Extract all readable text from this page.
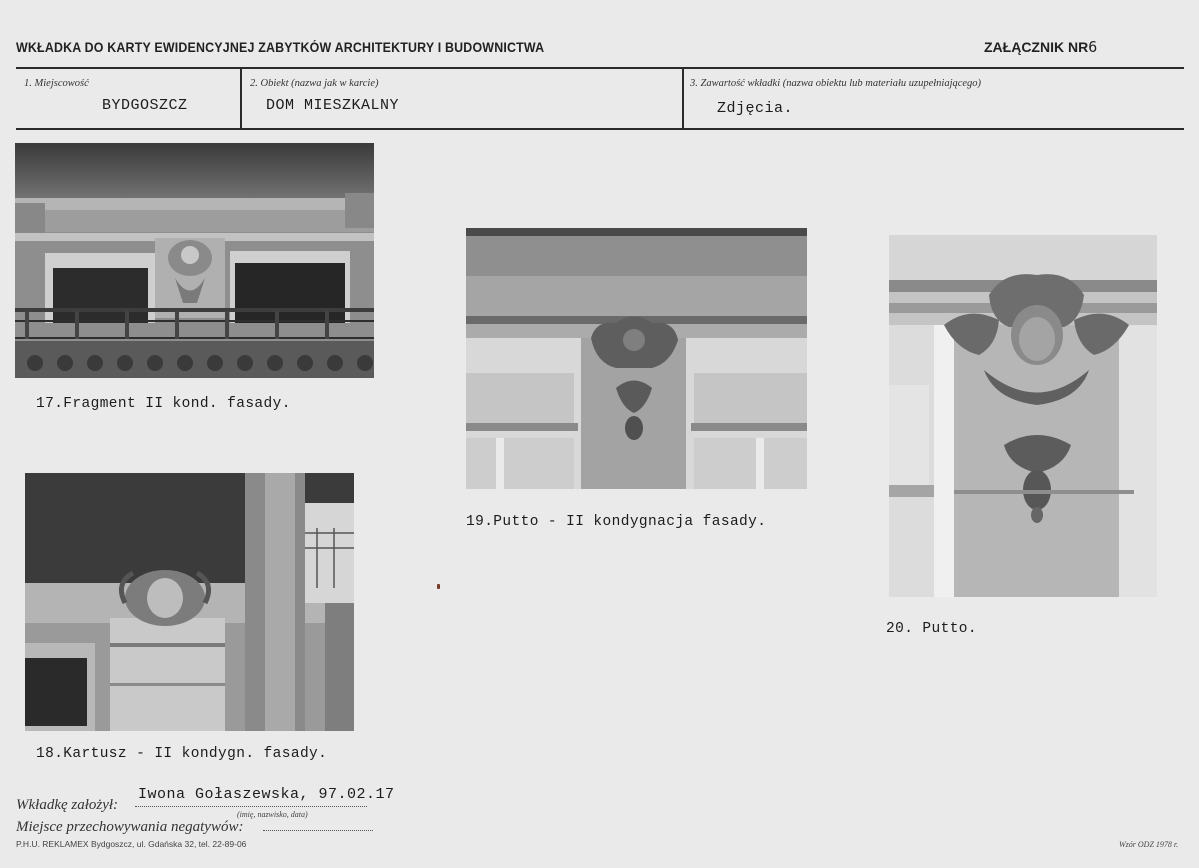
WKŁADKA DO KARTY EWIDENCYJNEJ ZABYTKÓW ARCHITEKTURY I BUDOWNICTWA	ZAŁĄCZNIK NR6
1. Miejscowość
BYDGOSZCZ
2. Obiekt (nazwa jak w karcie)
DOM MIESZKALNY
3. Zawartość wkładki (nazwa obiektu lub materiału uzupełniającego)
Zdjęcia.
17.Fragment II kond. fasady.
18.Kartusz - II kondygn. fasady.
19.Putto - II kondygnacja fasady.
20. Putto.
Wkładkę założył:
Iwona Gołaszewska, 97.02.17
(imię, nazwisko, data)
Miejsce przechowywania negatywów:
P.H.U. REKLAMEX Bydgoszcz, ul. Gdańska 32, tel. 22-89-06	Wzór ODZ 1978 r.
